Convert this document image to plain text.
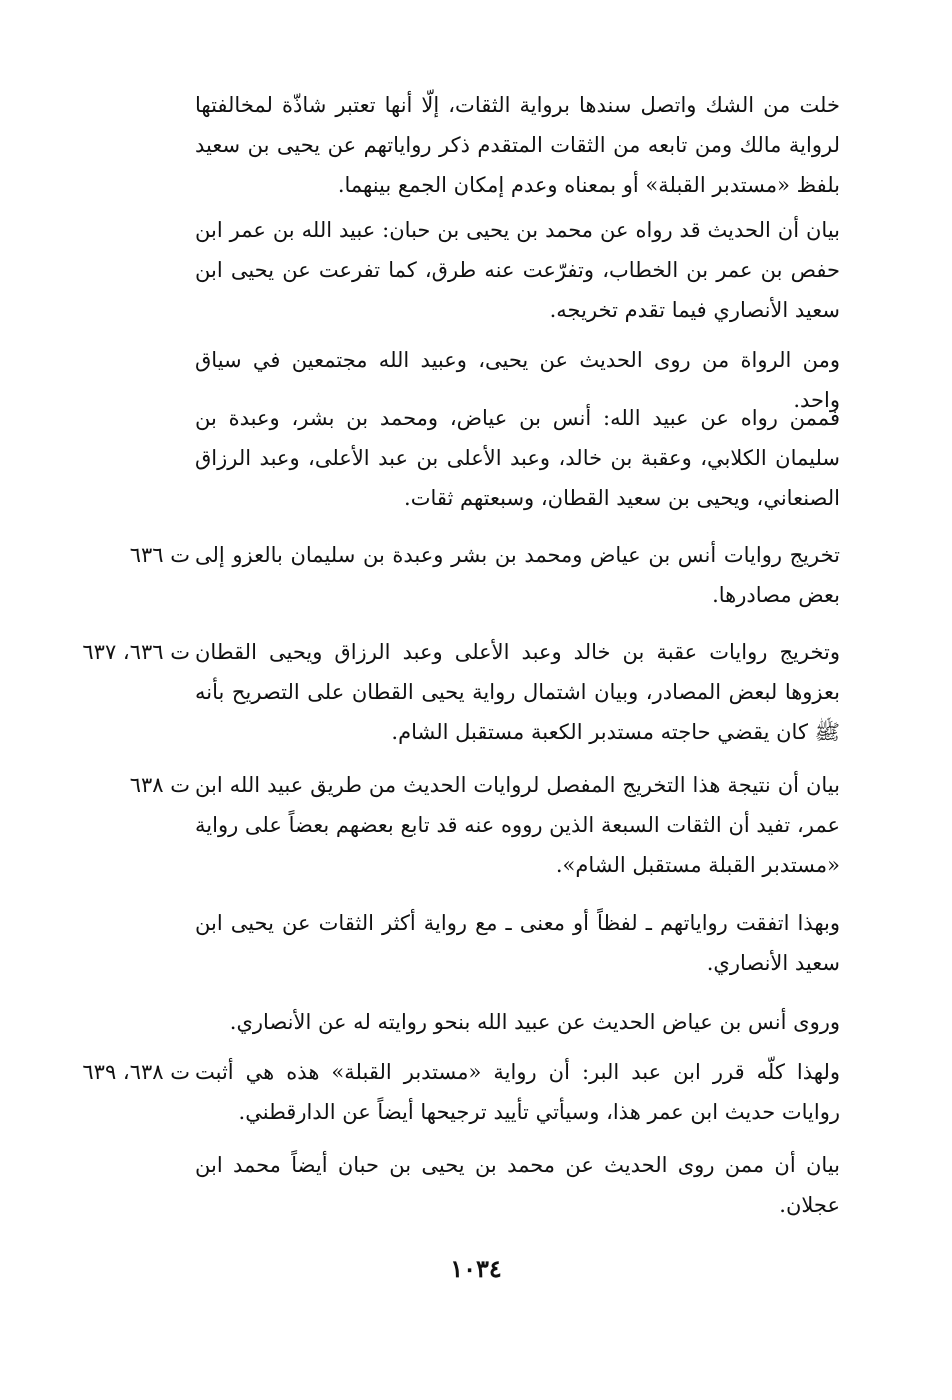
خلت من الشك واتصل سندها برواية الثقات، إلّا أنها تعتبر شاذّة لمخالفتها لرواية مالك ومن تابعه من الثقات المتقدم ذكر رواياتهم عن يحيى بن سعيد بلفظ «مستدبر القبلة» أو بمعناه وعدم إمكان الجمع بينهما.

بيان أن الحديث قد رواه عن محمد بن يحيى بن حبان: عبيد الله بن عمر ابن حفص بن عمر بن الخطاب، وتفرّعت عنه طرق، كما تفرعت عن يحيى ابن سعيد الأنصاري فيما تقدم تخريجه.

ومن الرواة من روى الحديث عن يحيى، وعبيد الله مجتمعين في سياق واحد.

فممن رواه عن عبيد الله: أنس بن عياض، ومحمد بن بشر، وعبدة بن سليمان الكلابي، وعقبة بن خالد، وعبد الأعلى بن عبد الأعلى، وعبد الرزاق الصنعاني، ويحيى بن سعيد القطان، وسبعتهم ثقات.

تخريج روايات أنس بن عياض ومحمد بن بشر وعبدة بن سليمان بالعزو إلى بعض مصادرها.

ت ٦٣٦

وتخريج روايات عقبة بن خالد وعبد الأعلى وعبد الرزاق ويحيى القطان بعزوها لبعض المصادر، وبيان اشتمال رواية يحيى القطان على التصريح بأنه ﷺ كان يقضي حاجته مستدبر الكعبة مستقبل الشام.

ت ٦٣٦، ٦٣٧

بيان أن نتيجة هذا التخريج المفصل لروايات الحديث من طريق عبيد الله ابن عمر، تفيد أن الثقات السبعة الذين رووه عنه قد تابع بعضهم بعضاً على رواية «مستدبر القبلة مستقبل الشام».

ت ٦٣٨

وبهذا اتفقت رواياتهم ـ لفظاً أو معنى ـ مع رواية أكثر الثقات عن يحيى ابن سعيد الأنصاري.

وروى أنس بن عياض الحديث عن عبيد الله بنحو روايته له عن الأنصاري.

ولهذا كلّه قرر ابن عبد البر: أن رواية «مستدبر القبلة» هذه هي أثبت روايات حديث ابن عمر هذا، وسيأتي تأييد ترجيحها أيضاً عن الدارقطني.

ت ٦٣٨، ٦٣٩

بيان أن ممن روى الحديث عن محمد بن يحيى بن حبان أيضاً محمد ابن عجلان.

١٠٣٤
